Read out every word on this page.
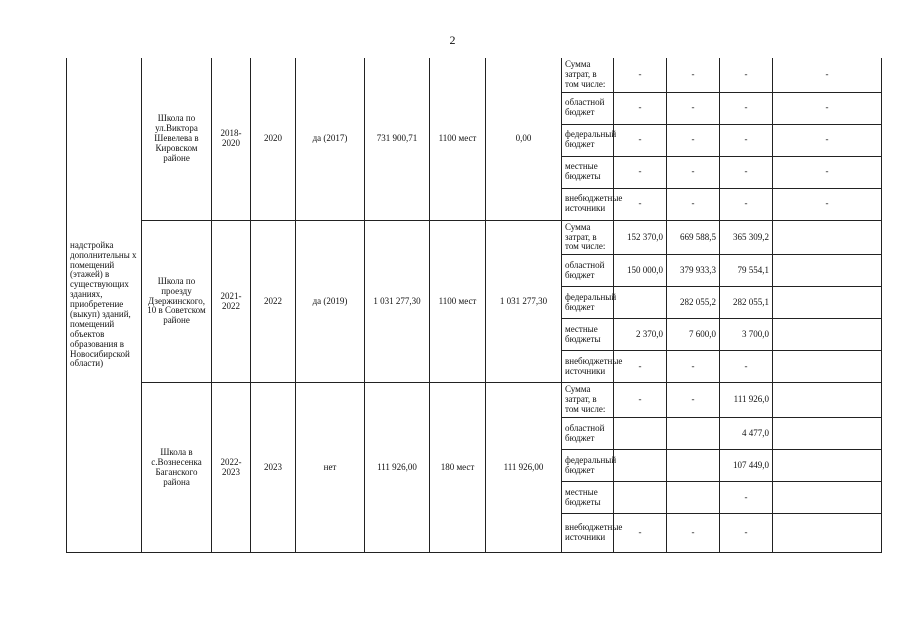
2
надстройка дополнительны х помещений (этажей) в существующих зданиях, приобретение (выкуп) зданий, помещений объектов образования в Новосибирской области)	Школа по ул.Виктора Шевелева в Кировском районе	2018-2020	2020	да (2017)	731 900,71	1100 мест	0,00	Сумма затрат, в том числе:	-	-	-	-	
								областной бюджет	-	-	-	-	
								федеральный бюджет	-	-	-	-	
								местные бюджеты	-	-	-	-	
								внебюджетные источники	-	-	-	-	
	Школа по проезду Дзержинского, 10 в Советском районе	2021-2022	2022	да (2019)	1 031 277,30	1100 мест	1 031 277,30	Сумма затрат, в том числе:	152 370,0	669 588,5	365 309,2		
								областной бюджет	150 000,0	379 933,3	79 554,1		
								федеральный бюджет		282 055,2	282 055,1		
								местные бюджеты	2 370,0	7 600,0	3 700,0		
								внебюджетные источники	-	-	-		
	Школа в с.Вознесенка Баганского района	2022-2023	2023	нет	111 926,00	180 мест	111 926,00	Сумма затрат, в том числе:	-	-	111 926,0		
								областной бюджет			4 477,0		
								федеральный бюджет			107 449,0		
								местные бюджеты			-		
								внебюджетные источники	-	-	-		
